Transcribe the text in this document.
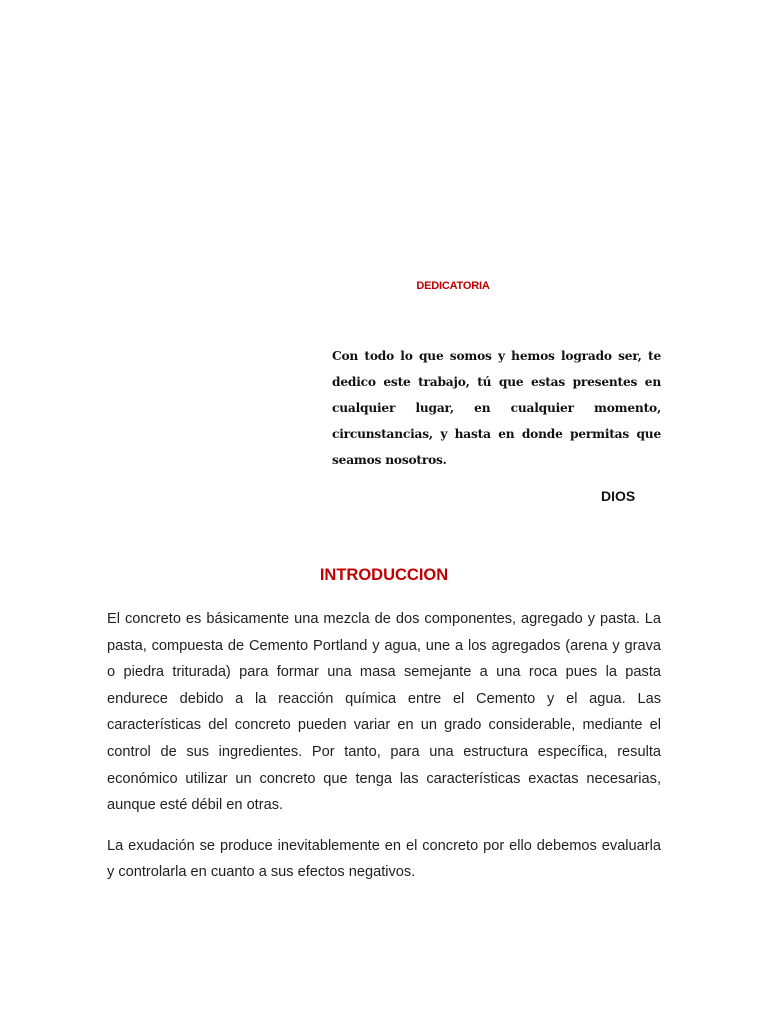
DEDICATORIA

Con todo lo que somos y hemos logrado ser, te dedico este trabajo, tú que estas presentes en cualquier lugar, en cualquier momento, circunstancias, y hasta en donde permitas que seamos nosotros.

DIOS

INTRODUCCION

El concreto es básicamente una mezcla de dos componentes, agregado y pasta. La pasta, compuesta de Cemento Portland y agua, une a los agregados (arena y grava o piedra triturada) para formar una masa semejante a una roca pues la pasta endurece debido a la reacción química entre el Cemento y el agua. Las características del concreto pueden variar en un grado considerable, mediante el control de sus ingredientes. Por tanto, para una estructura específica, resulta económico utilizar un concreto que tenga las características exactas necesarias, aunque esté débil en otras.

La exudación se produce inevitablemente en el concreto por ello debemos evaluarla y controlarla en cuanto a sus efectos negativos.
